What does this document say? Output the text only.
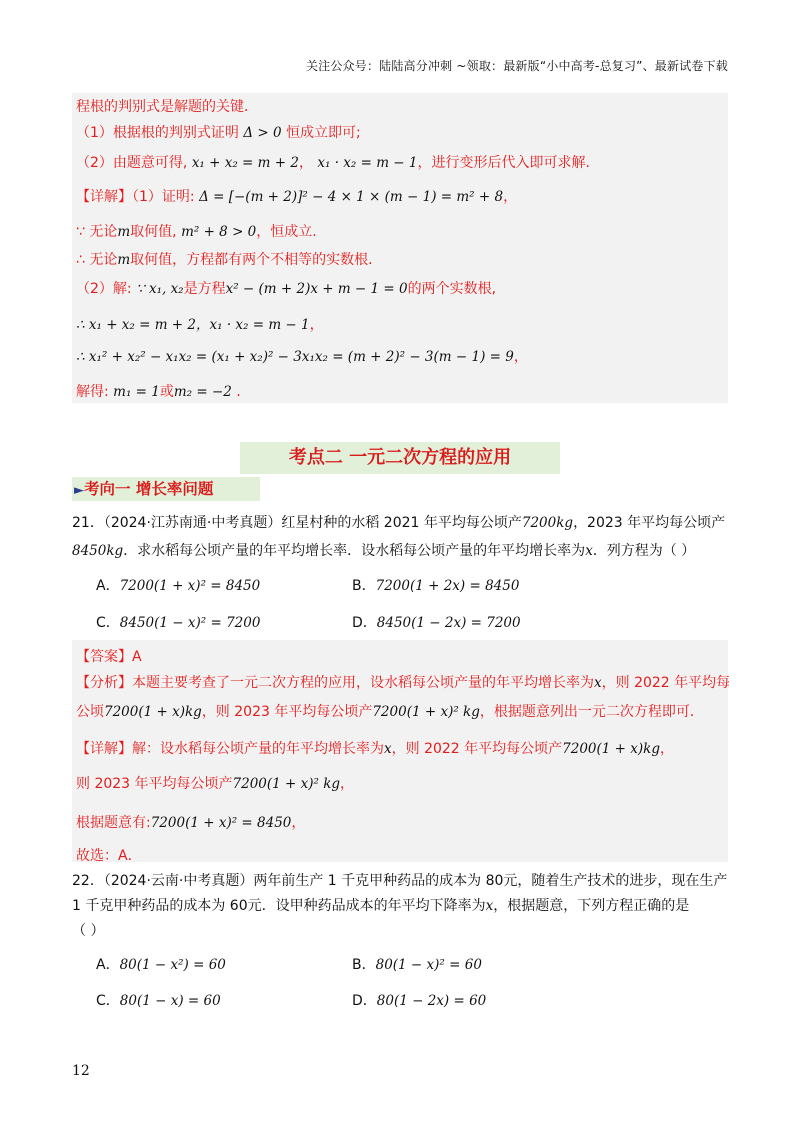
关注公众号：陆陆高分冲刺 ~领取：最新版“小中高考-总复习”、最新试卷下载
程根的判别式是解题的关键．
（1）根据根的判别式证明 Δ > 0 恒成立即可;
（2）由题意可得, x₁ + x₂ = m + 2， x₁ · x₂ = m − 1，进行变形后代入即可求解．
【详解】（1）证明: Δ = [−(m + 2)]² − 4 × 1 × (m − 1) = m² + 8，
∵ 无论m取何值, m² + 8 > 0，恒成立.
∴ 无论m取何值，方程都有两个不相等的实数根．
（2）解: ∵ x₁, x₂是方程x² − (m + 2)x + m − 1 = 0的两个实数根,
∴ x₁ + x₂ = m + 2，x₁ · x₂ = m − 1，
∴ x₁² + x₂² − x₁x₂ = (x₁ + x₂)² − 3x₁x₂ = (m + 2)² − 3(m − 1) = 9，
解得: m₁ = 1或m₂ = −2 ．
考点二 一元二次方程的应用
►考向一 增长率问题
21．（2024·江苏南通·中考真题）红星村种的水稻 2021 年平均每公顷产7200kg，2023 年平均每公顷产
8450kg．求水稻每公顷产量的年平均增长率．设水稻每公顷产量的年平均增长率为x．列方程为（ ）
A．7200(1 + x)² = 8450	B．7200(1 + 2x) = 8450
C．8450(1 − x)² = 7200	D．8450(1 − 2x) = 7200
【答案】A
【分析】本题主要考查了一元二次方程的应用，设水稻每公顷产量的年平均增长率为x，则 2022 年平均每
公顷7200(1 + x)kg，则 2023 年平均每公顷产7200(1 + x)² kg，根据题意列出一元二次方程即可．
【详解】解：设水稻每公顷产量的年平均增长率为x，则 2022 年平均每公顷产7200(1 + x)kg，
则 2023 年平均每公顷产7200(1 + x)² kg，
根据题意有:7200(1 + x)² = 8450，
故选：A．
22．（2024·云南·中考真题）两年前生产 1 千克甲种药品的成本为 80元，随着生产技术的进步，现在生产
1 千克甲种药品的成本为 60元．设甲种药品成本的年平均下降率为x，根据题意，下列方程正确的是
（ ）
A．80(1 − x²) = 60	B．80(1 − x)² = 60
C．80(1 − x) = 60	D．80(1 − 2x) = 60
12
